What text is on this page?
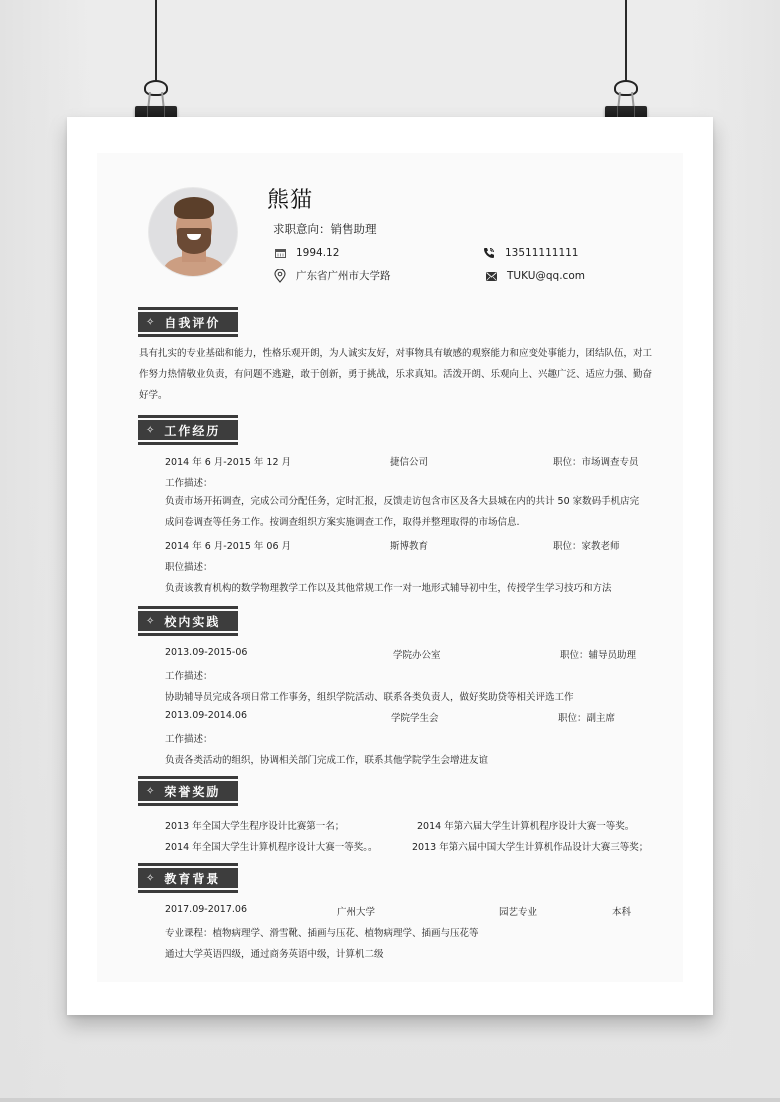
熊猫
求职意向：销售助理
1994.12
广东省广州市大学路
13511111111
TUKU@qq.com
✧ 自我评价
具有扎实的专业基础和能力，性格乐观开朗，为人诚实友好，对事物具有敏感的观察能力和应变处事能力，团结队伍，对工作努力热情敬业负责，有问题不逃避，敢于创新，勇于挑战，乐求真知。活泼开朗、乐观向上、兴趣广泛、适应力强、勤奋好学。
✧ 工作经历
2014 年 6 月-2015 年 12 月	捷信公司	职位：市场调查专员
工作描述：
负责市场开拓调查，完成公司分配任务，定时汇报，反馈走访包含市区及各大县城在内的共计 50 家数码手机店完成问卷调查等任务工作。按调查组织方案实施调查工作，取得并整理取得的市场信息.
2014 年 6 月-2015 年 06 月	斯博教育	职位：家教老师
职位描述：
负责该教育机构的数学物理教学工作以及其他常规工作一对一地形式辅导初中生，传授学生学习技巧和方法
✧ 校内实践
2013.09-2015-06	学院办公室	职位：辅导员助理
工作描述：
协助辅导员完成各项日常工作事务，组织学院活动、联系各类负责人，做好奖助贷等相关评选工作
2013.09-2014.06	学院学生会	职位：副主席
工作描述：
负责各类活动的组织，协调相关部门完成工作，联系其他学院学生会增进友谊
✧ 荣誉奖励
2013 年全国大学生程序设计比赛第一名；	2014 年第六届大学生计算机程序设计大赛一等奖。
2014 年全国大学生计算机程序设计大赛一等奖。。	2013 年第六届中国大学生计算机作品设计大赛三等奖；
✧ 教育背景
2017.09-2017.06	广州大学	园艺专业	本科
专业课程：植物病理学、滑雪靴、插画与压花、植物病理学、插画与压花等
通过大学英语四级，通过商务英语中级，计算机二级
